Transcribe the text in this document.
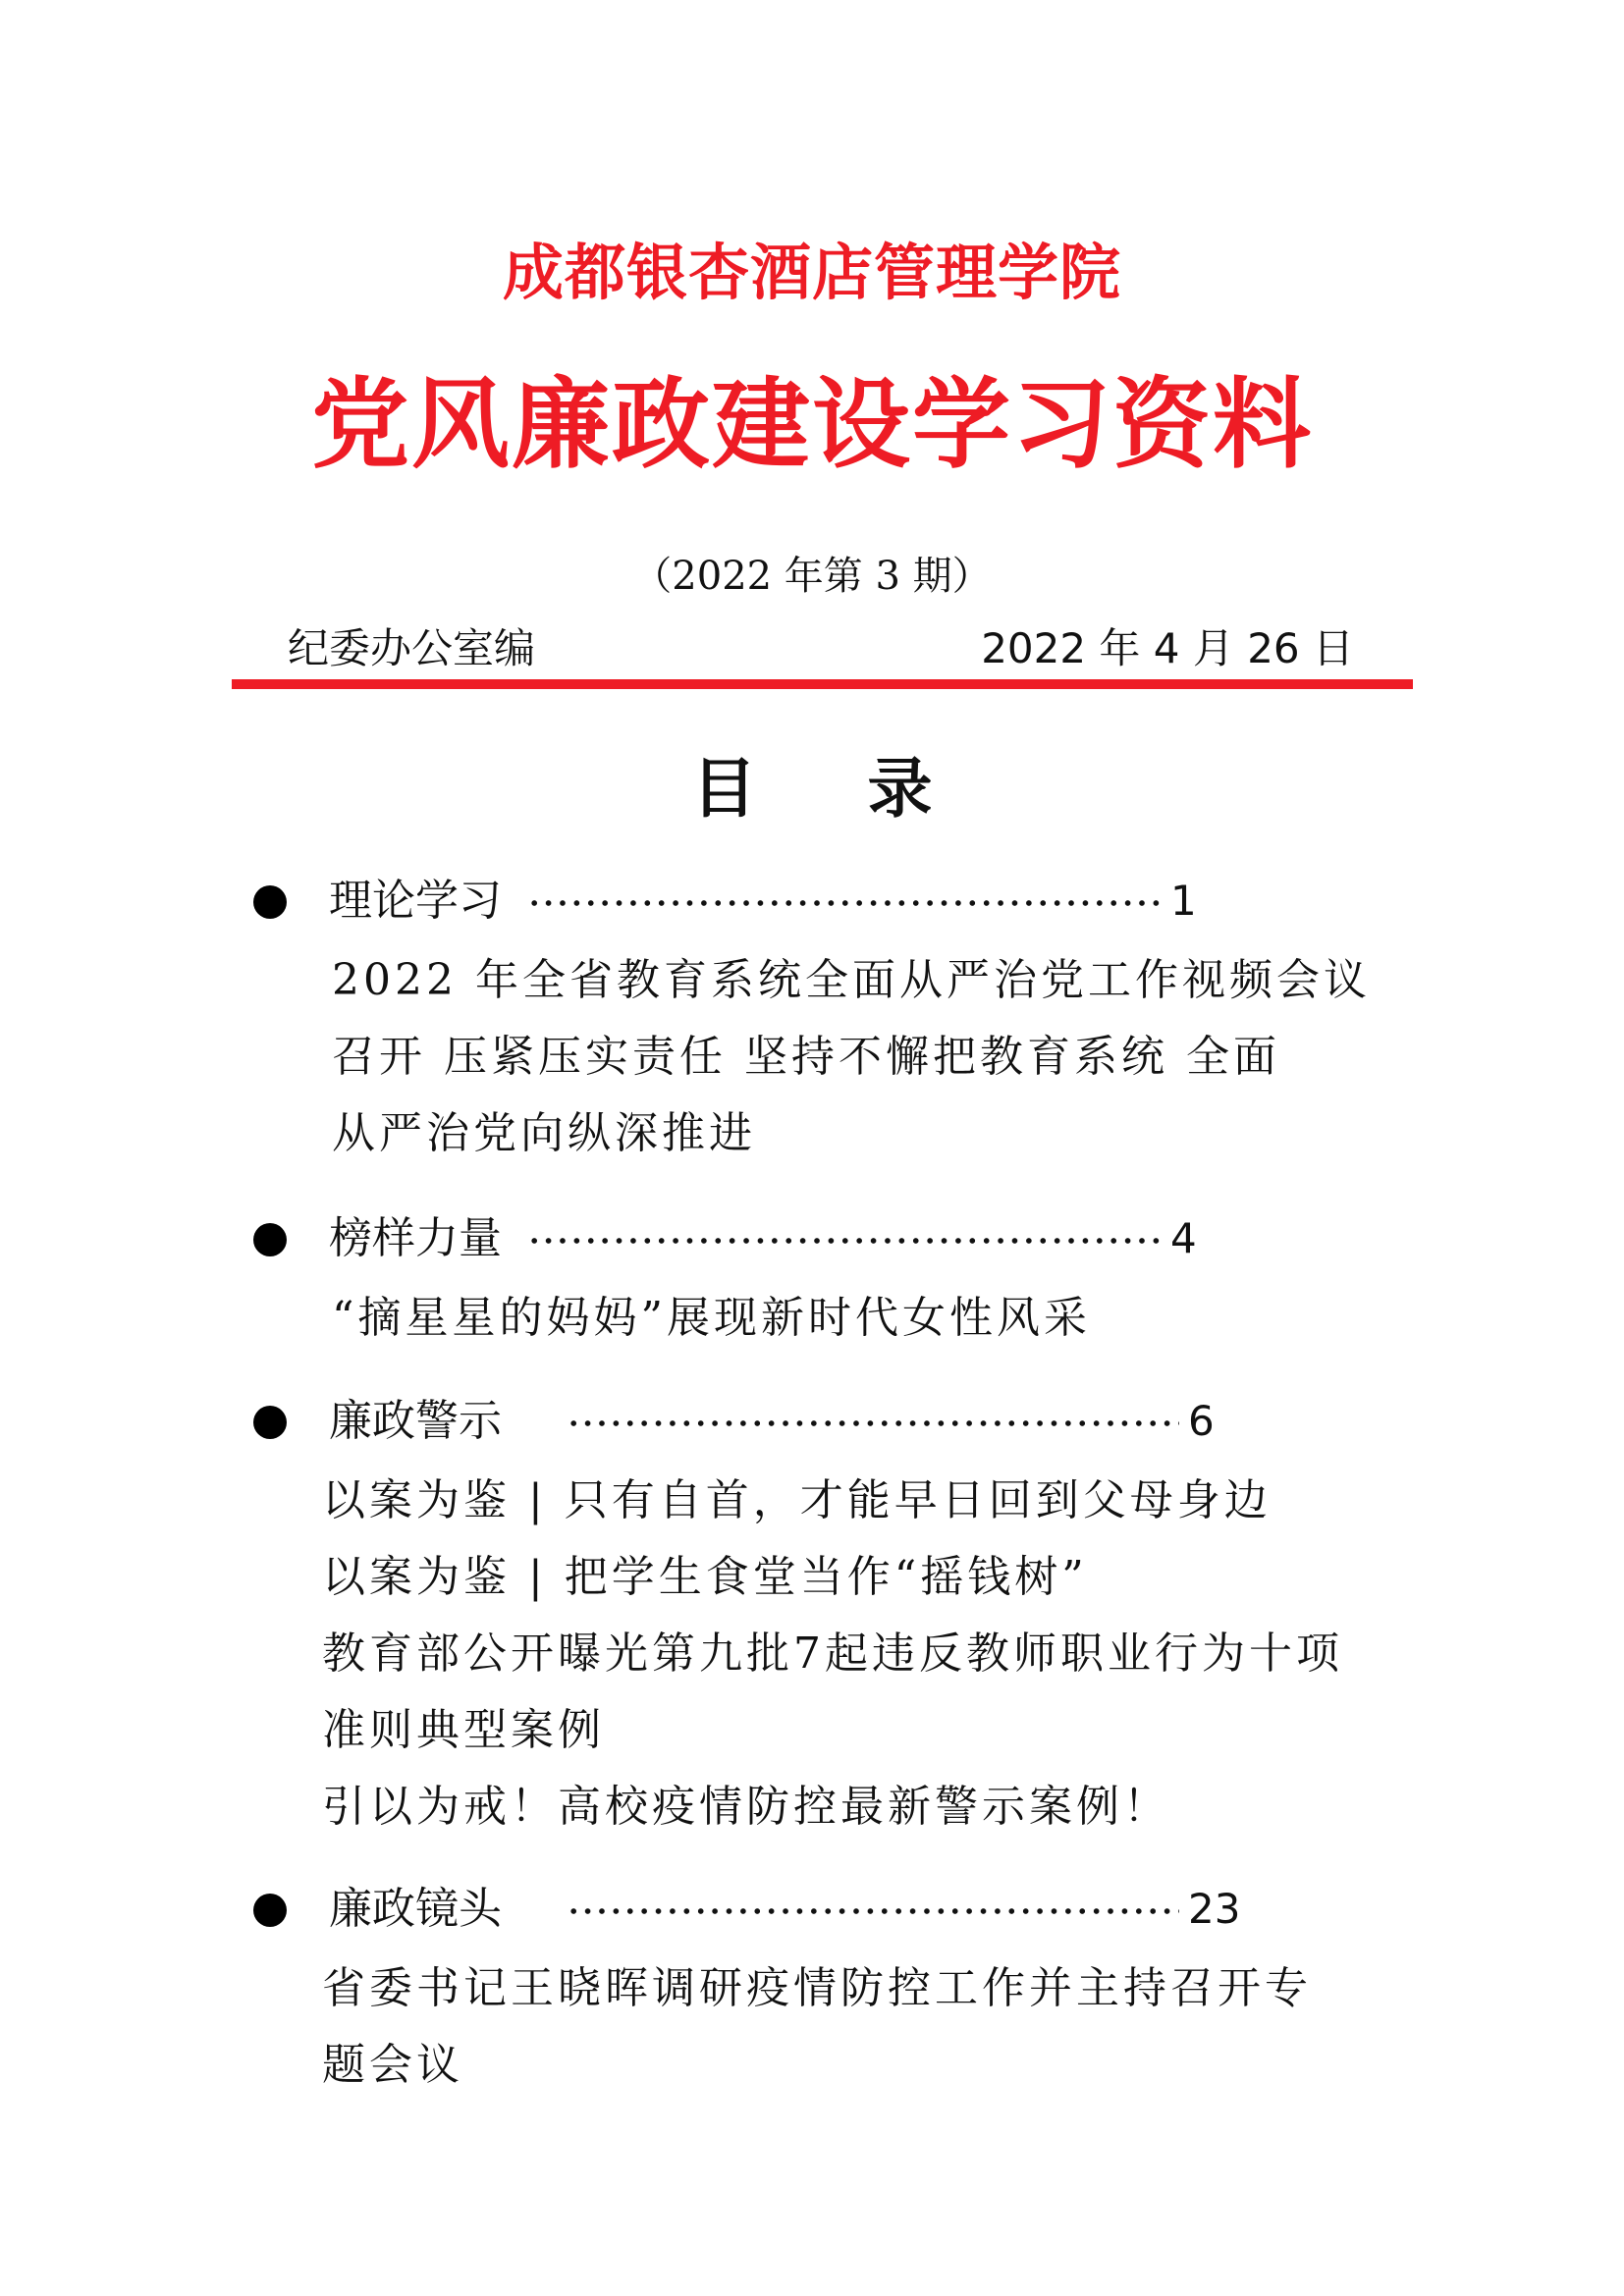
成都银杏酒店管理学院
党风廉政建设学习资料
（2022 年第 3 期）
纪委办公室编	2022 年 4 月 26 日
目 录
理论学习	1
2022 年全省教育系统全面从严治党工作视频会议
召开 压紧压实责任 坚持不懈把教育系统 全面
从严治党向纵深推进
榜样力量	4
“摘星星的妈妈”展现新时代女性风采
廉政警示	6
以案为鉴 | 只有自首，才能早日回到父母身边
以案为鉴 | 把学生食堂当作“摇钱树”
教育部公开曝光第九批7起违反教师职业行为十项
准则典型案例
引以为戒！高校疫情防控最新警示案例！
廉政镜头	23
省委书记王晓晖调研疫情防控工作并主持召开专
题会议
